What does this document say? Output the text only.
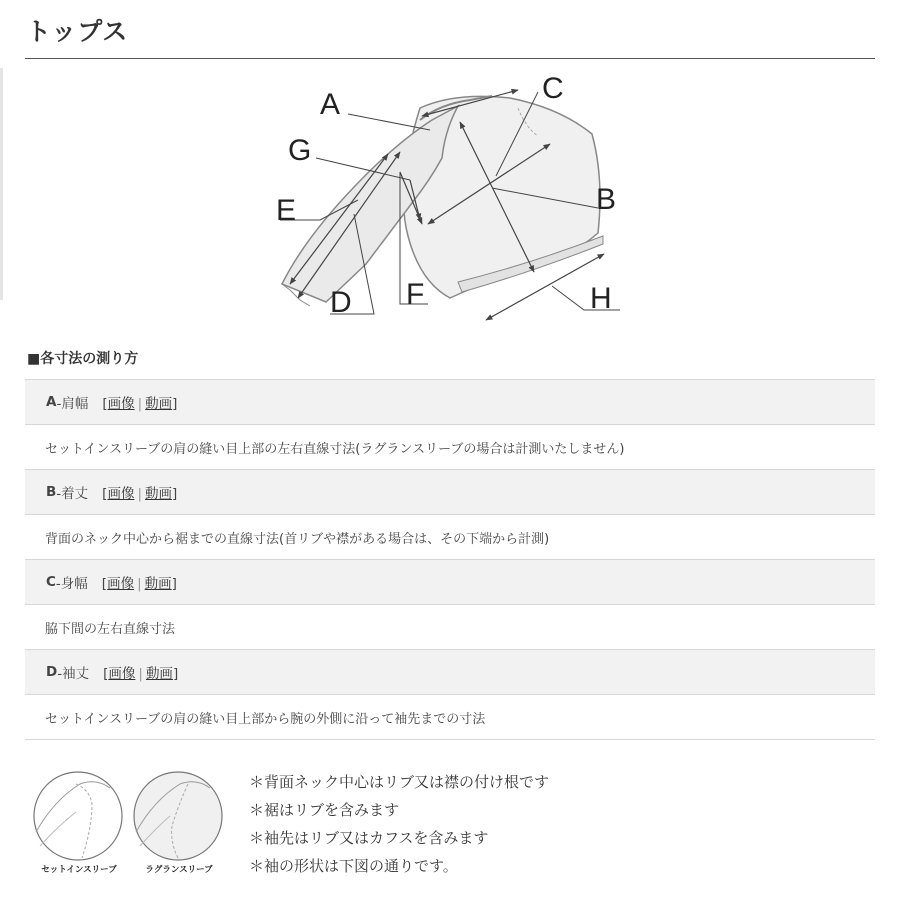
トップス
A	C
G
B
E
F	H
D
■各寸法の測り方
A -肩幅 [画像 | 動画]
セットインスリーブの肩の縫い目上部の左右直線寸法(ラグランスリーブの場合は計測いたしません)
B -着丈 [画像 | 動画]
背面のネック中心から裾までの直線寸法(首リブや襟がある場合は、その下端から計測)
C -身幅 [画像 | 動画]
脇下間の左右直線寸法
D -袖丈 [画像 | 動画]
セットインスリーブの肩の縫い目上部から腕の外側に沿って袖先までの寸法
セットインスリーブ	ラグランスリーブ
＊背面ネック中心はリブ又は襟の付け根です
＊裾はリブを含みます
＊袖先はリブ又はカフスを含みます
＊袖の形状は下図の通りです。
